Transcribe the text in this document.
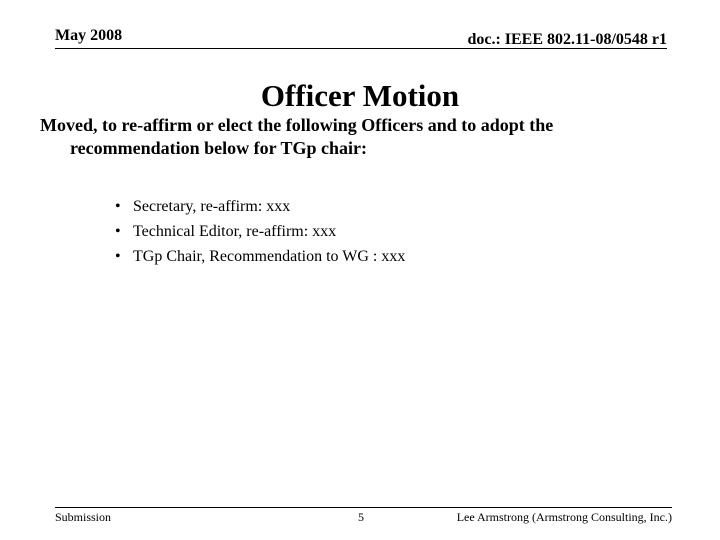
May 2008	doc.: IEEE 802.11-08/0548 r1
Officer Motion
Moved, to re-affirm or elect the following Officers and to adopt the recommendation below for TGp chair:
• Secretary, re-affirm: xxx
• Technical Editor, re-affirm: xxx
• TGp Chair, Recommendation to WG : xxx
Submission	5	Lee Armstrong (Armstrong Consulting, Inc.)
